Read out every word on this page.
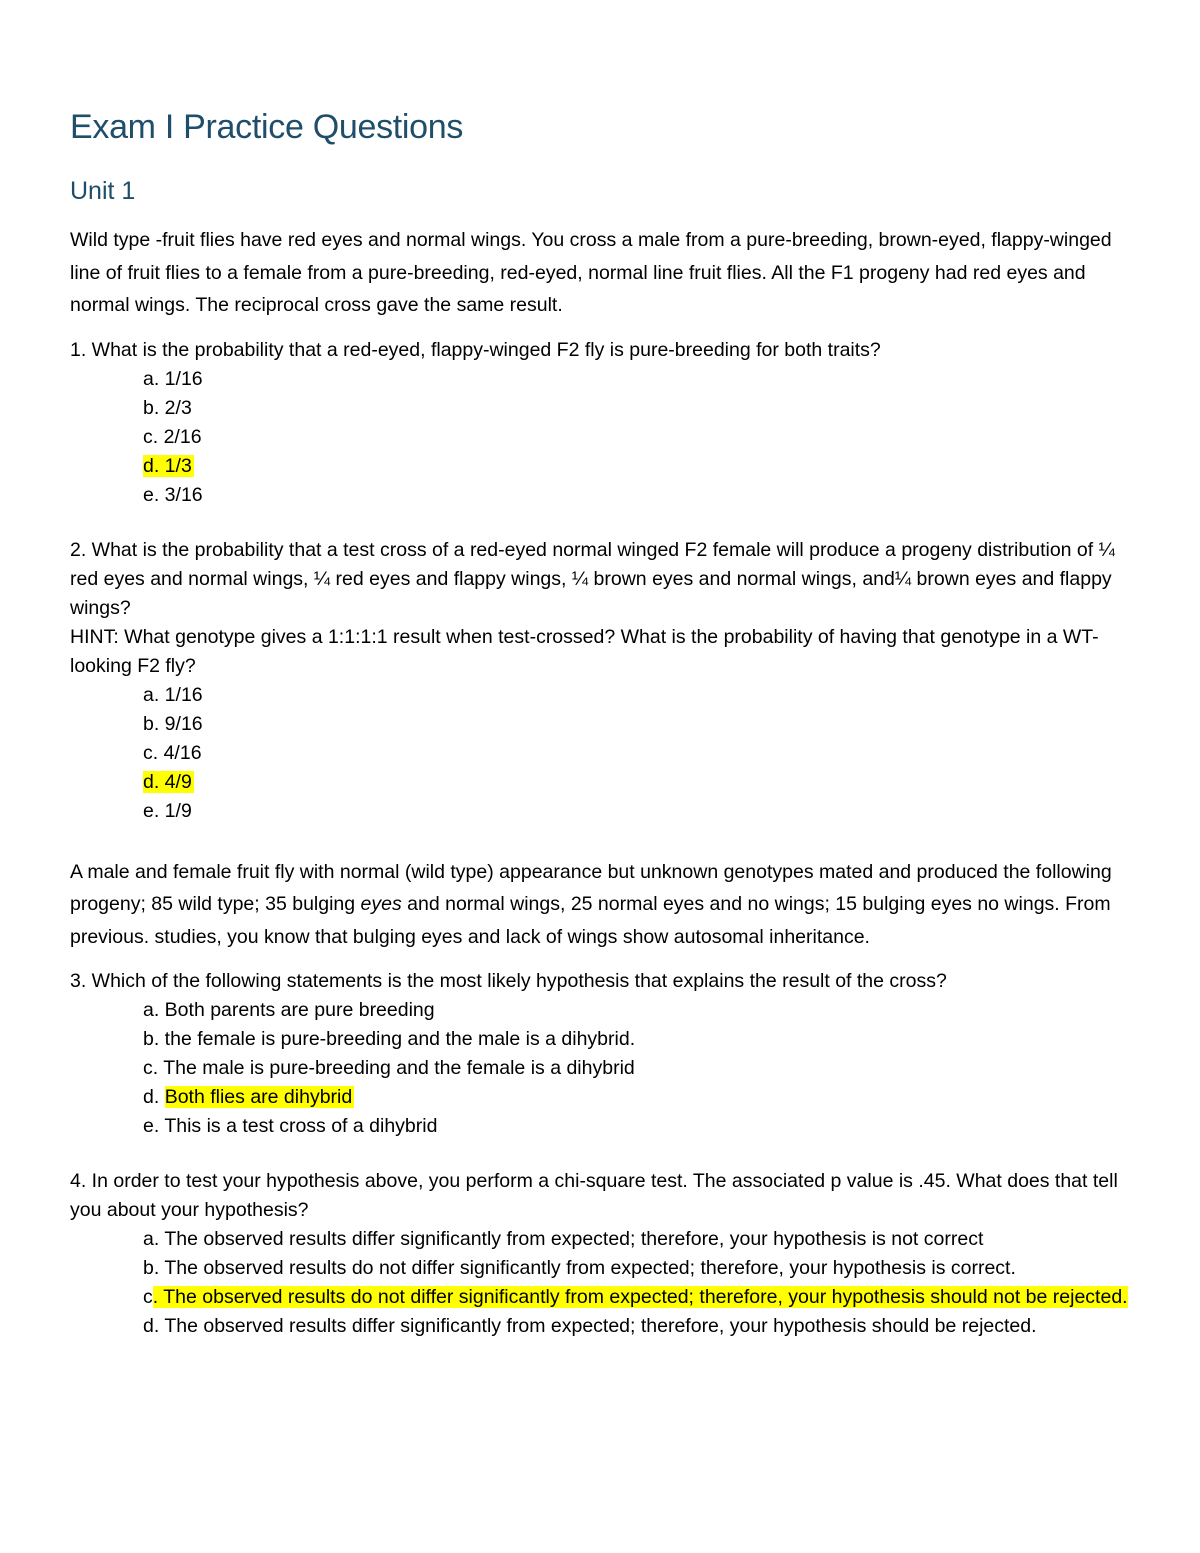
Exam I Practice Questions
Unit 1

Wild type -fruit flies have red eyes and normal wings. You cross a male from a pure-breeding, brown-eyed, flappy-winged line of fruit flies to a female from a pure-breeding, red-eyed, normal line fruit flies. All the F1 progeny had red eyes and normal wings. The reciprocal cross gave the same result.

1. What is the probability that a red-eyed, flappy-winged F2 fly is pure-breeding for both traits?

a. 1/16
b. 2/3
c. 2/16
d. 1/3
e. 3/16

2. What is the probability that a test cross of a red-eyed normal winged F2 female will produce a progeny distribution of ¼ red eyes and normal wings, ¼ red eyes and flappy wings, ¼ brown eyes and normal wings, and¼ brown eyes and flappy wings?

HINT: What genotype gives a 1:1:1:1 result when test-crossed? What is the probability of having that genotype in a WT-looking F2 fly?

a. 1/16
b. 9/16
c. 4/16
d. 4/9
e. 1/9

A male and female fruit fly with normal (wild type) appearance but unknown genotypes mated and produced the following progeny; 85 wild type; 35 bulging eyes and normal wings, 25 normal eyes and no wings; 15 bulging eyes no wings. From previous. studies, you know that bulging eyes and lack of wings show autosomal inheritance.

3. Which of the following statements is the most likely hypothesis that explains the result of the cross?

a. Both parents are pure breeding
b. the female is pure-breeding and the male is a dihybrid.
c. The male is pure-breeding and the female is a dihybrid
d. Both flies are dihybrid
e. This is a test cross of a dihybrid

4. In order to test your hypothesis above, you perform a chi-square test. The associated p value is .45. What does that tell you about your hypothesis?

a. The observed results differ significantly from expected; therefore, your hypothesis is not correct
b. The observed results do not differ significantly from expected; therefore, your hypothesis is correct.
c. The observed results do not differ significantly from expected; therefore, your hypothesis should not be rejected.
d. The observed results differ significantly from expected; therefore, your hypothesis should be rejected.
